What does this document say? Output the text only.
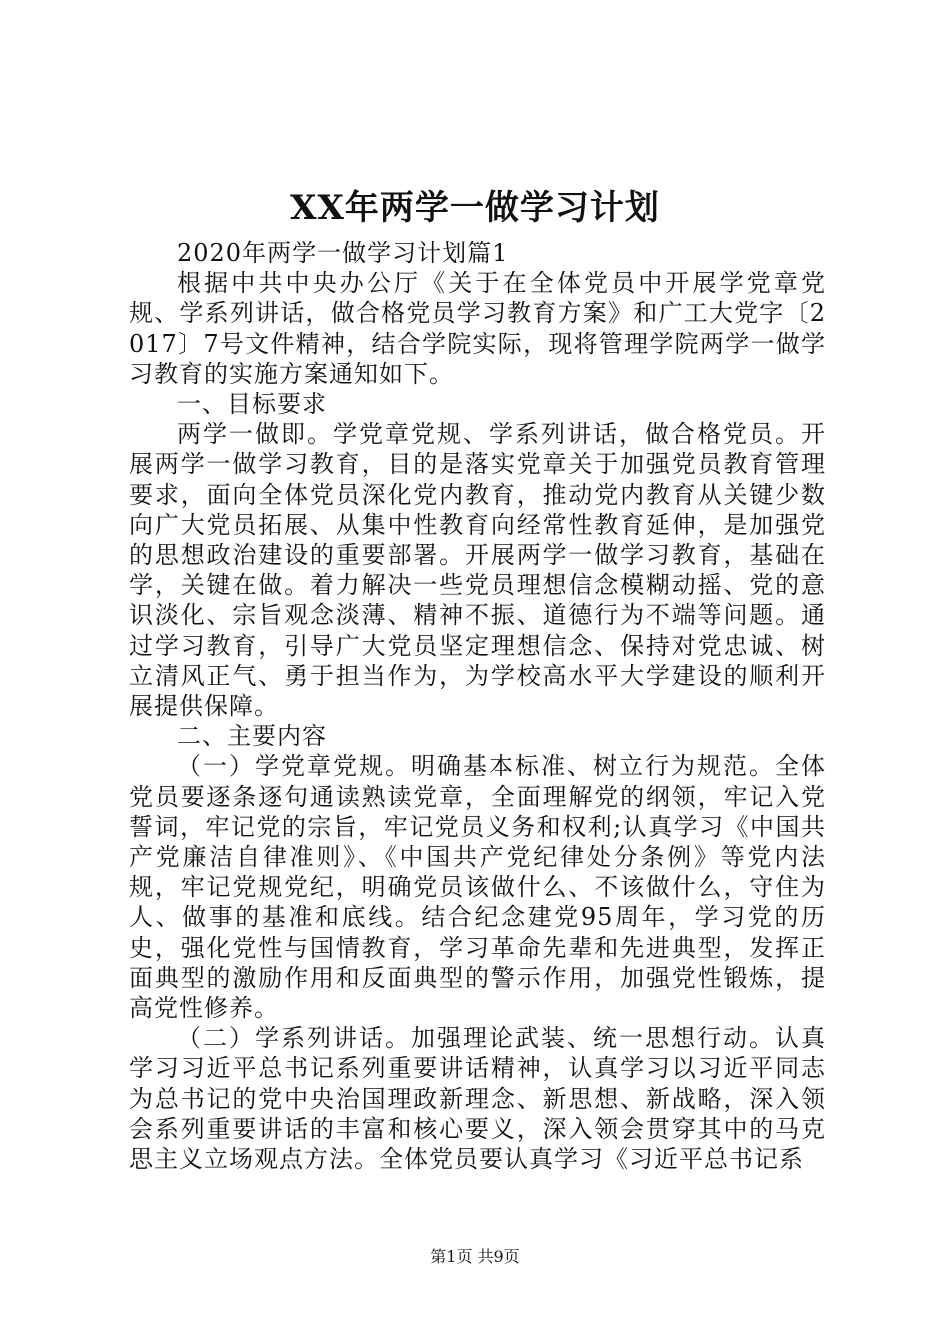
XX年两学一做学习计划

2020年两学一做学习计划篇1

根据中共中央办公厅《关于在全体党员中开展学党章党规、学系列讲话，做合格党员学习教育方案》和广工大党字〔2017〕7号文件精神，结合学院实际，现将管理学院两学一做学习教育的实施方案通知如下。

一、目标要求

两学一做即。学党章党规、学系列讲话，做合格党员。开展两学一做学习教育，目的是落实党章关于加强党员教育管理要求，面向全体党员深化党内教育，推动党内教育从关键少数向广大党员拓展、从集中性教育向经常性教育延伸，是加强党的思想政治建设的重要部署。开展两学一做学习教育，基础在学，关键在做。着力解决一些党员理想信念模糊动摇、党的意识淡化、宗旨观念淡薄、精神不振、道德行为不端等问题。通过学习教育，引导广大党员坚定理想信念、保持对党忠诚、树立清风正气、勇于担当作为，为学校高水平大学建设的顺利开展提供保障。

二、主要内容

（一）学党章党规。明确基本标准、树立行为规范。全体党员要逐条逐句通读熟读党章，全面理解党的纲领，牢记入党誓词，牢记党的宗旨，牢记党员义务和权利;认真学习《中国共产党廉洁自律准则》、《中国共产党纪律处分条例》等党内法规，牢记党规党纪，明确党员该做什么、不该做什么，守住为人、做事的基准和底线。结合纪念建党95周年，学习党的历史，强化党性与国情教育，学习革命先辈和先进典型，发挥正面典型的激励作用和反面典型的警示作用，加强党性锻炼，提高党性修养。

（二）学系列讲话。加强理论武装、统一思想行动。认真学习习近平总书记系列重要讲话精神，认真学习以习近平同志为总书记的党中央治国理政新理念、新思想、新战略，深入领会系列重要讲话的丰富和核心要义，深入领会贯穿其中的马克思主义立场观点方法。全体党员要认真学习《习近平总书记系

第1页 共9页
